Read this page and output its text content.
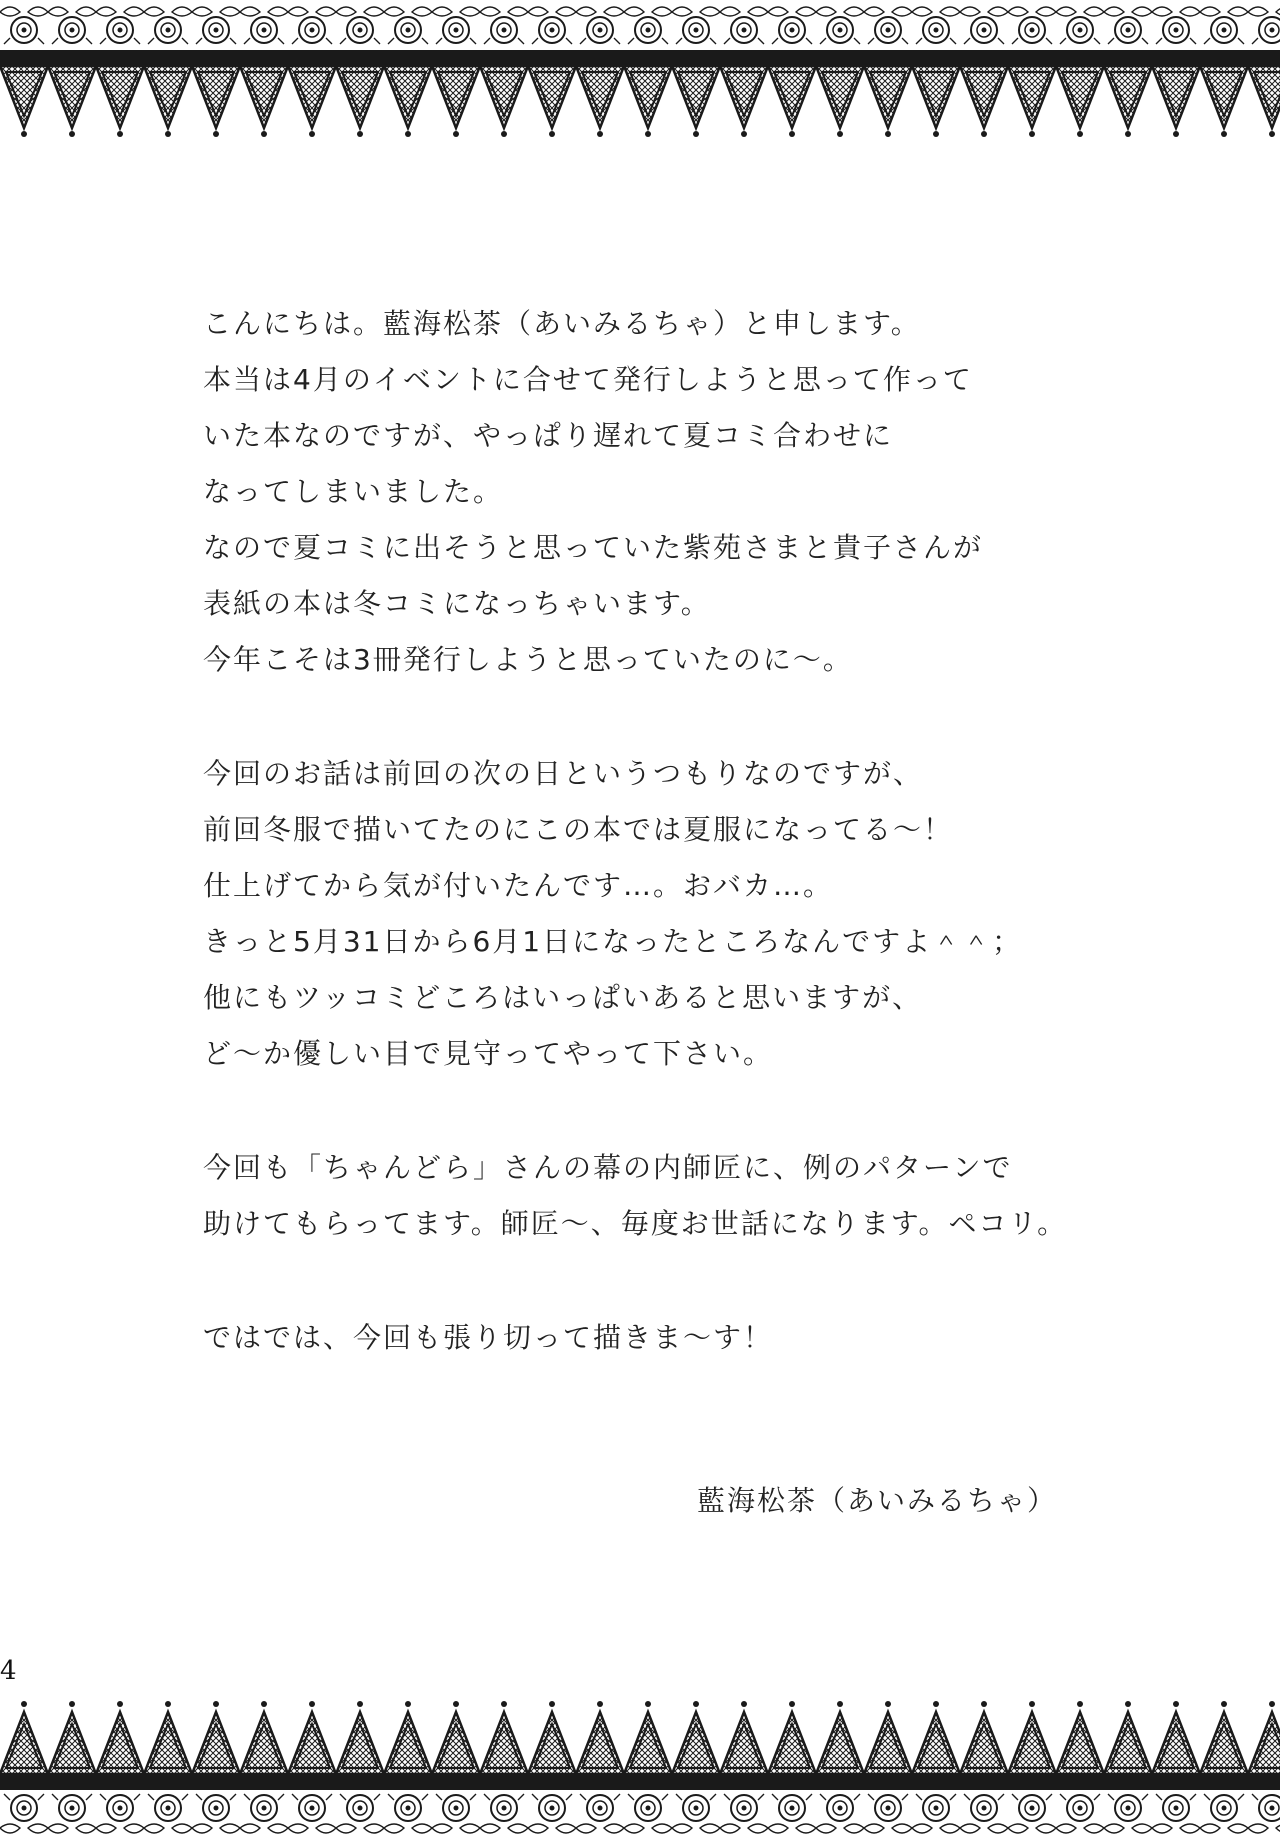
こんにちは。藍海松茶（あいみるちゃ）と申します。
本当は4月のイベントに合せて発行しようと思って作って
いた本なのですが、やっぱり遅れて夏コミ合わせに
なってしまいました。
なので夏コミに出そうと思っていた紫苑さまと貴子さんが
表紙の本は冬コミになっちゃいます。
今年こそは3冊発行しようと思っていたのに～。
今回のお話は前回の次の日というつもりなのですが、
前回冬服で描いてたのにこの本では夏服になってる～！
仕上げてから気が付いたんです…。おバカ…。
きっと5月31日から6月1日になったところなんですよ＾＾；
他にもツッコミどころはいっぱいあると思いますが、
ど～か優しい目で見守ってやって下さい。
今回も「ちゃんどら」さんの幕の内師匠に、例のパターンで
助けてもらってます。師匠～、毎度お世話になります。ペコリ。
ではでは、今回も張り切って描きま～す！
藍海松茶（あいみるちゃ）
4
